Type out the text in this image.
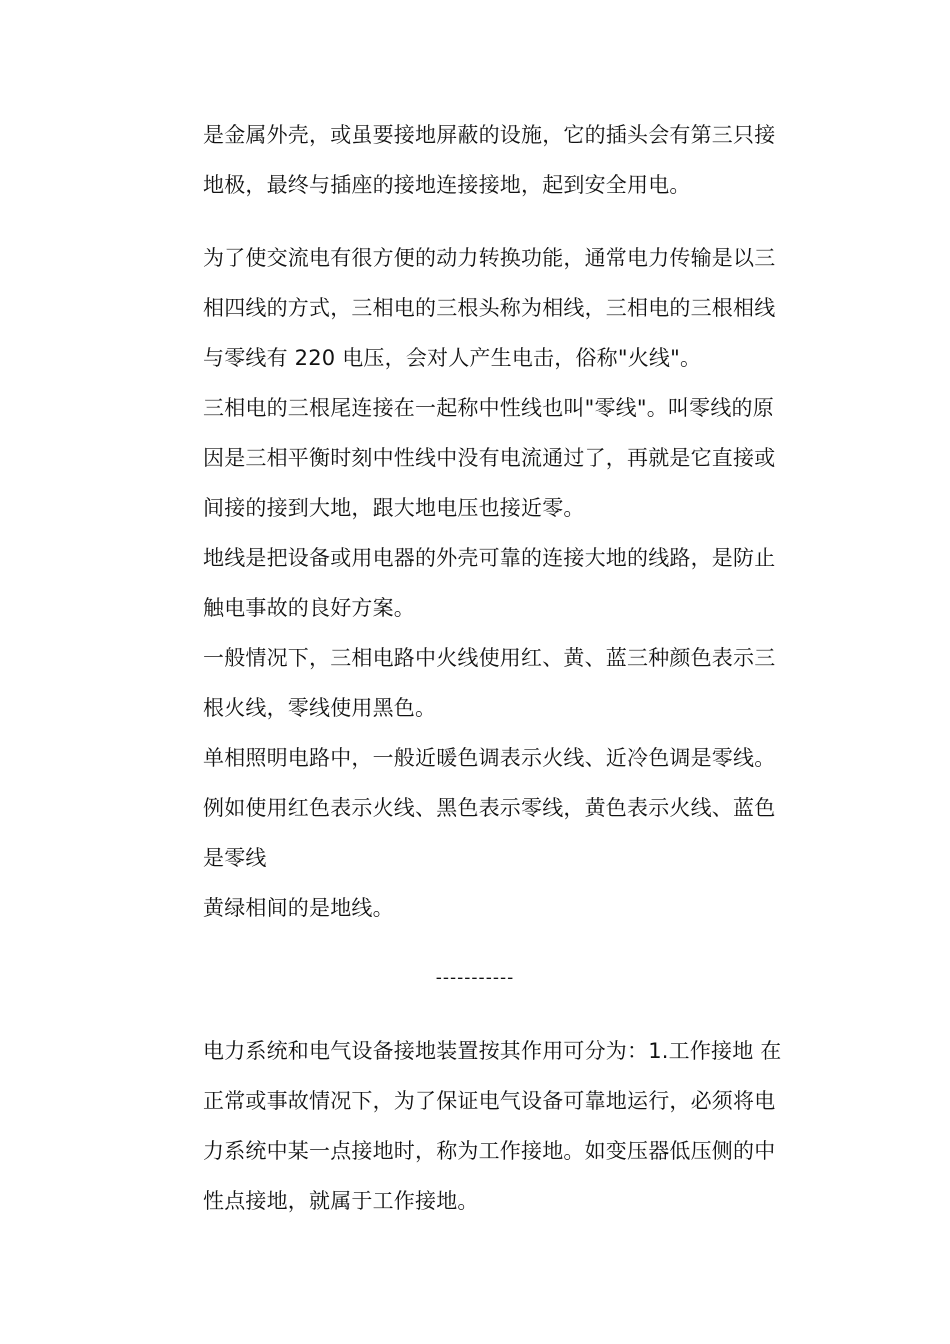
是金属外壳，或虽要接地屏蔽的设施，它的插头会有第三只接
地极，最终与插座的接地连接接地，起到安全用电。
为了使交流电有很方便的动力转换功能，通常电力传输是以三
相四线的方式，三相电的三根头称为相线，三相电的三根相线
与零线有 220 电压，会对人产生电击，俗称"火线"。
三相电的三根尾连接在一起称中性线也叫"零线"。叫零线的原
因是三相平衡时刻中性线中没有电流通过了，再就是它直接或
间接的接到大地，跟大地电压也接近零。
地线是把设备或用电器的外壳可靠的连接大地的线路，是防止
触电事故的良好方案。
一般情况下，三相电路中火线使用红、黄、蓝三种颜色表示三
根火线，零线使用黑色。
单相照明电路中，一般近暖色调表示火线、近冷色调是零线。
例如使用红色表示火线、黑色表示零线，黄色表示火线、蓝色
是零线
黄绿相间的是地线。
-----------
电力系统和电气设备接地装置按其作用可分为：1.工作接地 在
正常或事故情况下，为了保证电气设备可靠地运行，必须将电
力系统中某一点接地时，称为工作接地。如变压器低压侧的中
性点接地，就属于工作接地。
